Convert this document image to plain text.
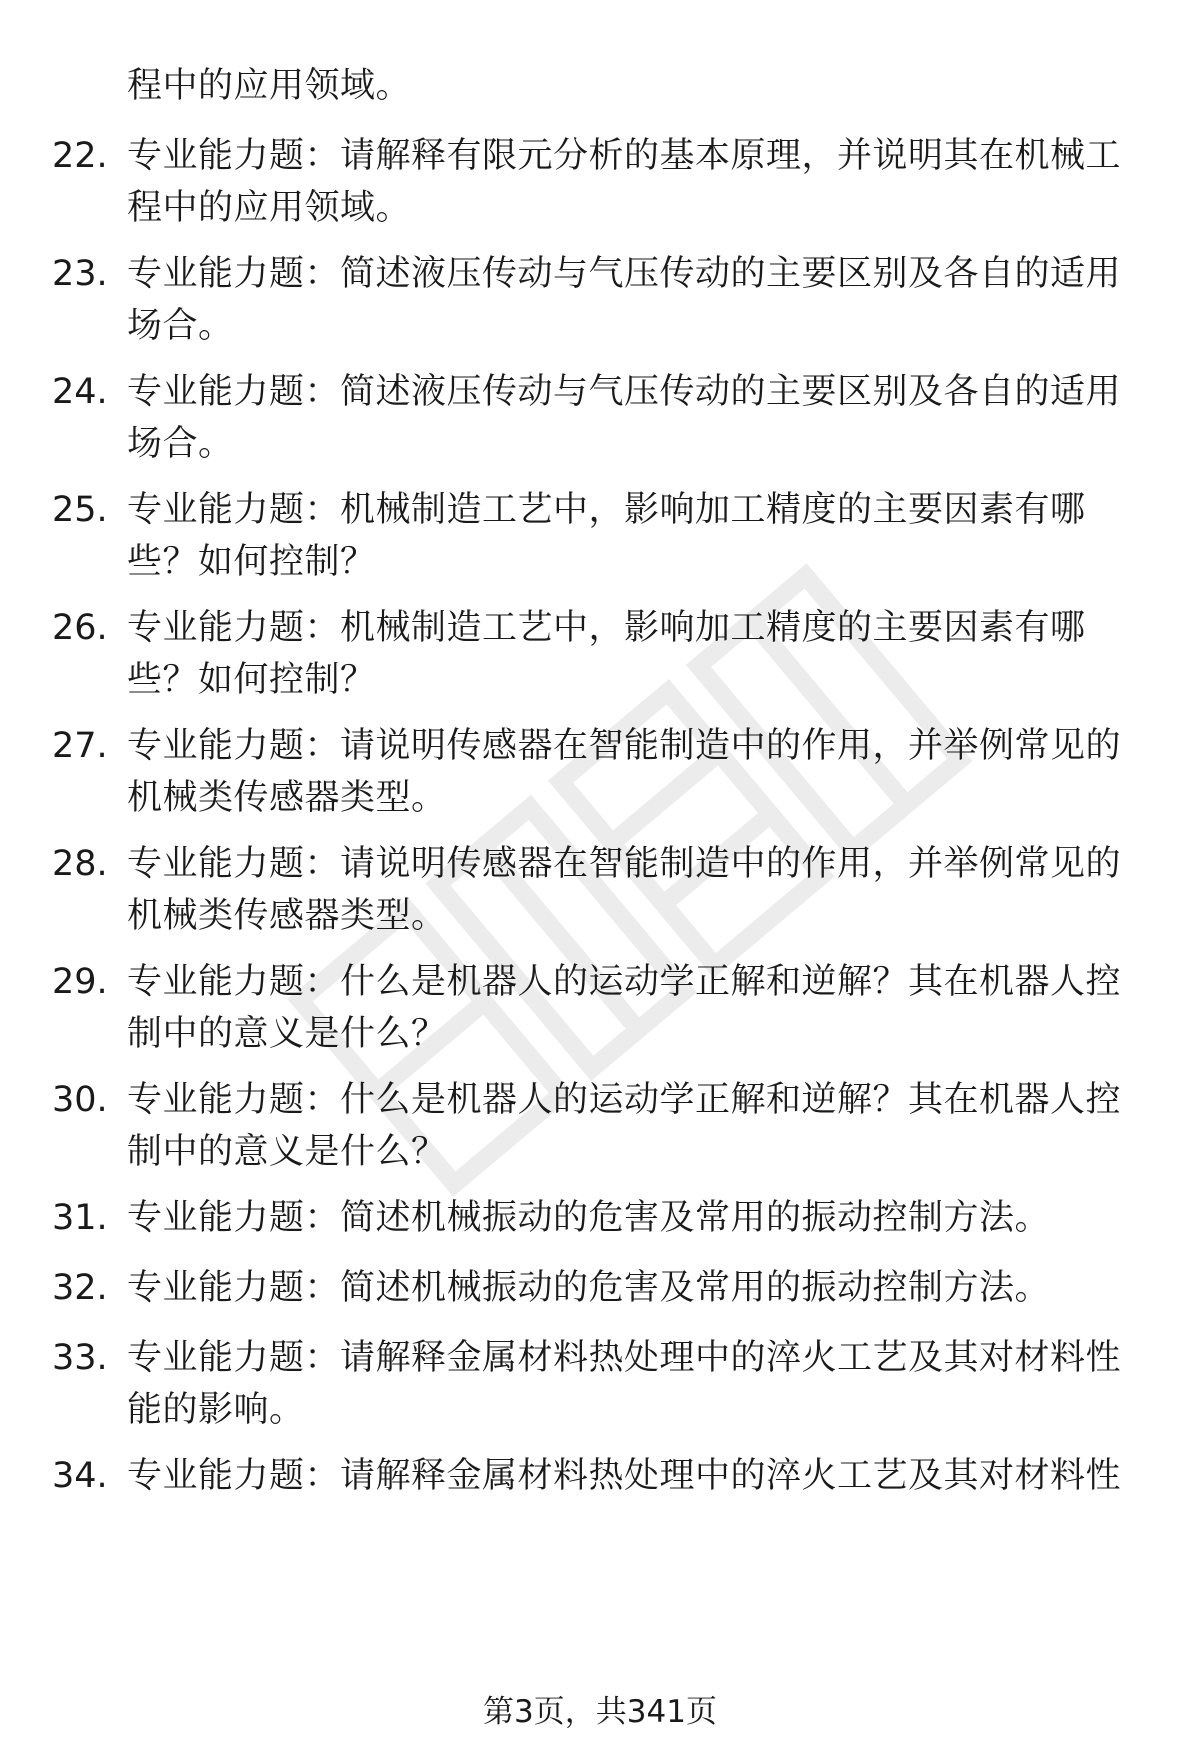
程中的应用领域。
22. 专业能力题：请解释有限元分析的基本原理，并说明其在机械工程中的应用领域。
23. 专业能力题：简述液压传动与气压传动的主要区别及各自的适用场合。
24. 专业能力题：简述液压传动与气压传动的主要区别及各自的适用场合。
25. 专业能力题：机械制造工艺中，影响加工精度的主要因素有哪些？如何控制？
26. 专业能力题：机械制造工艺中，影响加工精度的主要因素有哪些？如何控制？
27. 专业能力题：请说明传感器在智能制造中的作用，并举例常见的机械类传感器类型。
28. 专业能力题：请说明传感器在智能制造中的作用，并举例常见的机械类传感器类型。
29. 专业能力题：什么是机器人的运动学正解和逆解？其在机器人控制中的意义是什么？
30. 专业能力题：什么是机器人的运动学正解和逆解？其在机器人控制中的意义是什么？
31. 专业能力题：简述机械振动的危害及常用的振动控制方法。
32. 专业能力题：简述机械振动的危害及常用的振动控制方法。
33. 专业能力题：请解释金属材料热处理中的淬火工艺及其对材料性能的影响。
34. 专业能力题：请解释金属材料热处理中的淬火工艺及其对材料性
第3页，共341页
